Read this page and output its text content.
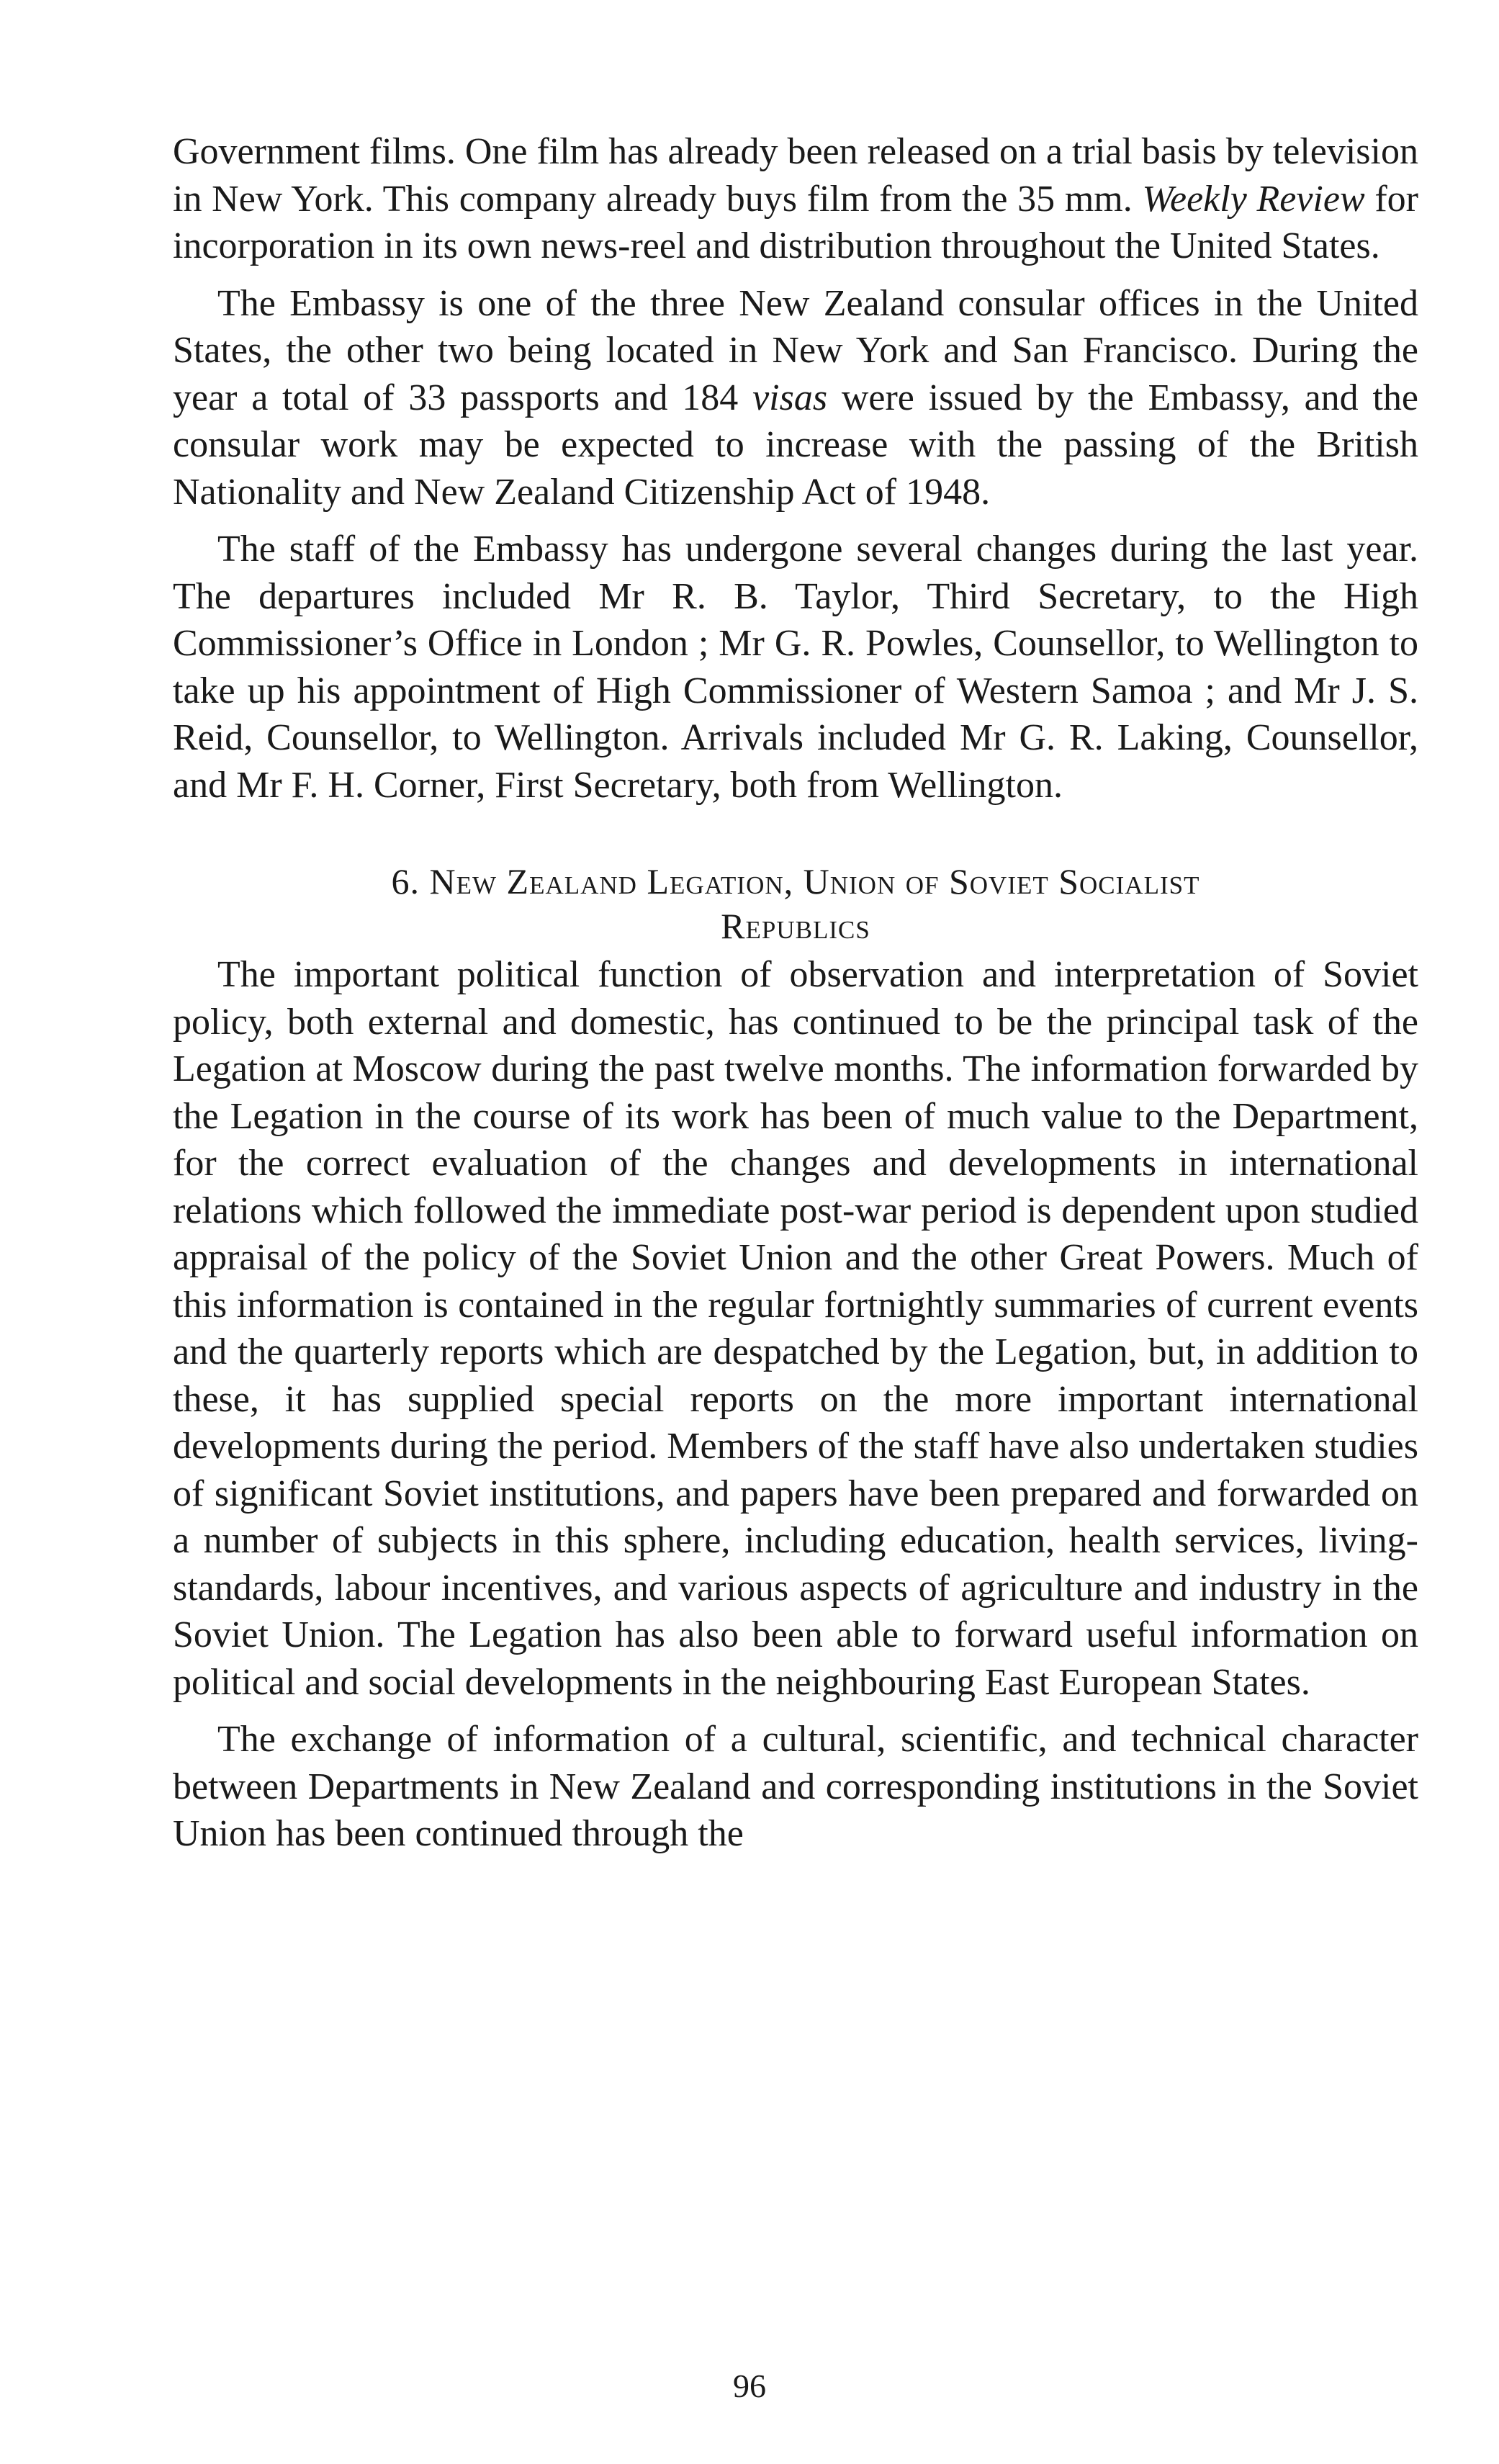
Government films. One film has already been released on a trial basis by television in New York. This company already buys film from the 35 mm. Weekly Review for incorporation in its own news-reel and distribution throughout the United States.

The Embassy is one of the three New Zealand consular offices in the United States, the other two being located in New York and San Francisco. During the year a total of 33 passports and 184 visas were issued by the Embassy, and the consular work may be expected to increase with the passing of the British Nationality and New Zealand Citizenship Act of 1948.

The staff of the Embassy has undergone several changes during the last year. The departures included Mr R. B. Taylor, Third Secretary, to the High Commissioner’s Office in London ; Mr G. R. Powles, Counsellor, to Wellington to take up his appointment of High Commissioner of Western Samoa ; and Mr J. S. Reid, Counsellor, to Wellington. Arrivals included Mr G. R. Laking, Counsellor, and Mr F. H. Corner, First Secretary, both from Wellington.

6. New Zealand Legation, Union of Soviet Socialist
Republics

The important political function of observation and interpretation of Soviet policy, both external and domestic, has continued to be the principal task of the Legation at Moscow during the past twelve months. The information forwarded by the Legation in the course of its work has been of much value to the Department, for the correct evaluation of the changes and developments in international relations which followed the immediate post-war period is dependent upon studied appraisal of the policy of the Soviet Union and the other Great Powers. Much of this information is contained in the regular fortnightly summaries of current events and the quarterly reports which are despatched by the Legation, but, in addition to these, it has supplied special reports on the more important international developments during the period. Members of the staff have also undertaken studies of significant Soviet institutions, and papers have been prepared and forwarded on a number of subjects in this sphere, including education, health services, living-standards, labour incentives, and various aspects of agriculture and industry in the Soviet Union. The Legation has also been able to forward useful information on political and social developments in the neighbouring East European States.

The exchange of information of a cultural, scientific, and technical character between Departments in New Zealand and corresponding institutions in the Soviet Union has been continued through the

96
